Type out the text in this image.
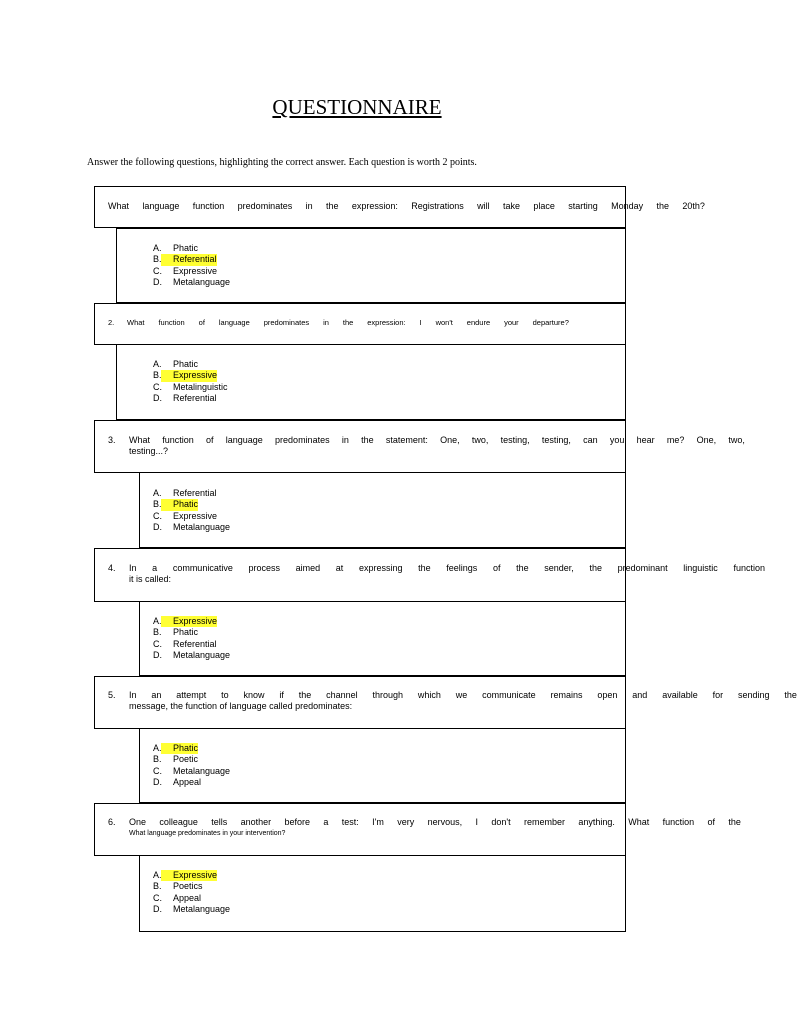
QUESTIONNAIRE
Answer the following questions, highlighting the correct answer. Each question is worth 2 points.
What language function predominates in the expression: Registrations will take place starting Monday the 20th?
A. Phatic
B. Referential
C. Expressive
D. Metalanguage
2. What function of language predominates in the expression: I won't endure your departure?
A. Phatic
B. Expressive
C. Metalinguistic
D. Referential
3. What function of language predominates in the statement: One, two, testing, testing, can you hear me? One, two,
testing...?
A. Referential
B. Phatic
C. Expressive
D. Metalanguage
4. In a communicative process aimed at expressing the feelings of the sender, the predominant linguistic function
it is called:
A. Expressive
B. Phatic
C. Referential
D. Metalanguage
5. In an attempt to know if the channel through which we communicate remains open and available for sending the
message, the function of language called predominates:
A. Phatic
B. Poetic
C. Metalanguage
D. Appeal
6. One colleague tells another before a test: I'm very nervous, I don't remember anything. What function of the
What language predominates in your intervention?
A. Expressive
B. Poetics
C. Appeal
D. Metalanguage
